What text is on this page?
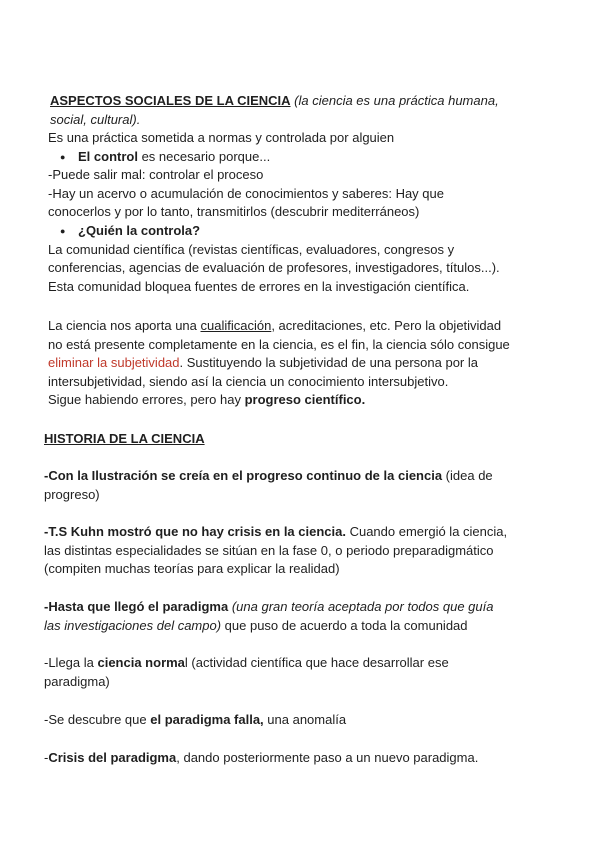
ASPECTOS SOCIALES DE LA CIENCIA (la ciencia es una práctica humana,
social, cultural).
Es una práctica sometida a normas y controlada por alguien
● El control es necesario porque...
-Puede salir mal: controlar el proceso
-Hay un acervo o acumulación de conocimientos y saberes: Hay que
conocerlos y por lo tanto, transmitirlos (descubrir mediterráneos)
● ¿Quién la controla?
La comunidad científica (revistas científicas, evaluadores, congresos y
conferencias, agencias de evaluación de profesores, investigadores, títulos...).
Esta comunidad bloquea fuentes de errores en la investigación científica.
La ciencia nos aporta una cualificación, acreditaciones, etc. Pero la objetividad
no está presente completamente en la ciencia, es el fin, la ciencia sólo consigue
eliminar la subjetividad. Sustituyendo la subjetividad de una persona por la
intersubjetividad, siendo así la ciencia un conocimiento intersubjetivo.
Sigue habiendo errores, pero hay progreso científico.
HISTORIA DE LA CIENCIA
-Con la Ilustración se creía en el progreso continuo de la ciencia (idea de
progreso)
-T.S Kuhn mostró que no hay crisis en la ciencia. Cuando emergió la ciencia,
las distintas especialidades se sitúan en la fase 0, o periodo preparadigmático
(compiten muchas teorías para explicar la realidad)
-Hasta que llegó el paradigma (una gran teoría aceptada por todos que guía
las investigaciones del campo) que puso de acuerdo a toda la comunidad
-Llega la ciencia normal (actividad científica que hace desarrollar ese
paradigma)
-Se descubre que el paradigma falla, una anomalía
-Crisis del paradigma, dando posteriormente paso a un nuevo paradigma.
